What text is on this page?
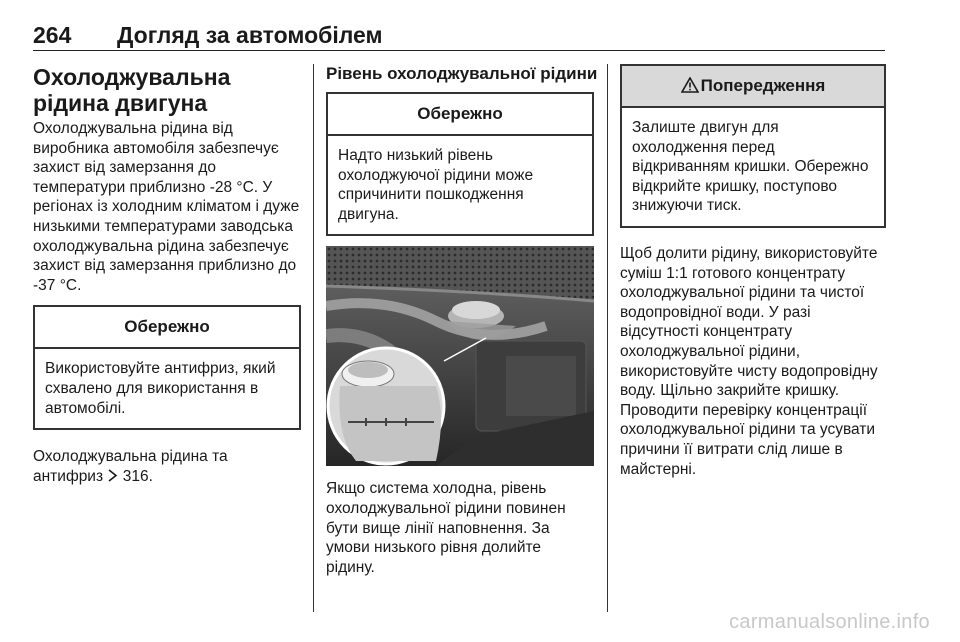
264 Догляд за автомобілем
Охолоджувальна рідина двигуна

Охолоджувальна рідина від виробника автомобіля забезпечує захист від замерзання до температури приблизно -28 °C. У регіонах із холодним кліматом і дуже низькими температурами заводська охолоджувальна рідина забезпечує захист від замерзання приблизно до -37 °C.

Обережно
Використовуйте антифриз, який схвалено для використання в автомобілі.

Охолоджувальна рідина та антифриз 316.

Рівень охолоджувальної рідини
Обережно
Надто низький рівень охолоджуючої рідини може спричинити пошкодження двигуна.

Якщо система холодна, рівень охолоджувальної рідини повинен бути вище лінії наповнення. За умови низького рівня долийте рідину.

Попередження
Залиште двигун для охолодження перед відкриванням кришки. Обережно відкрийте кришку, поступово знижуючи тиск.

Щоб долити рідину, використовуйте суміш 1:1 готового концентрату охолоджувальної рідини та чистої водопровідної води. У разі відсутності концентрату охолоджувальної рідини, використовуйте чисту водопровідну воду. Щільно закрийте кришку. Проводити перевірку концентрації охолоджувальної рідини та усувати причини її витрати слід лише в майстерні.

carmanualsonline.info
